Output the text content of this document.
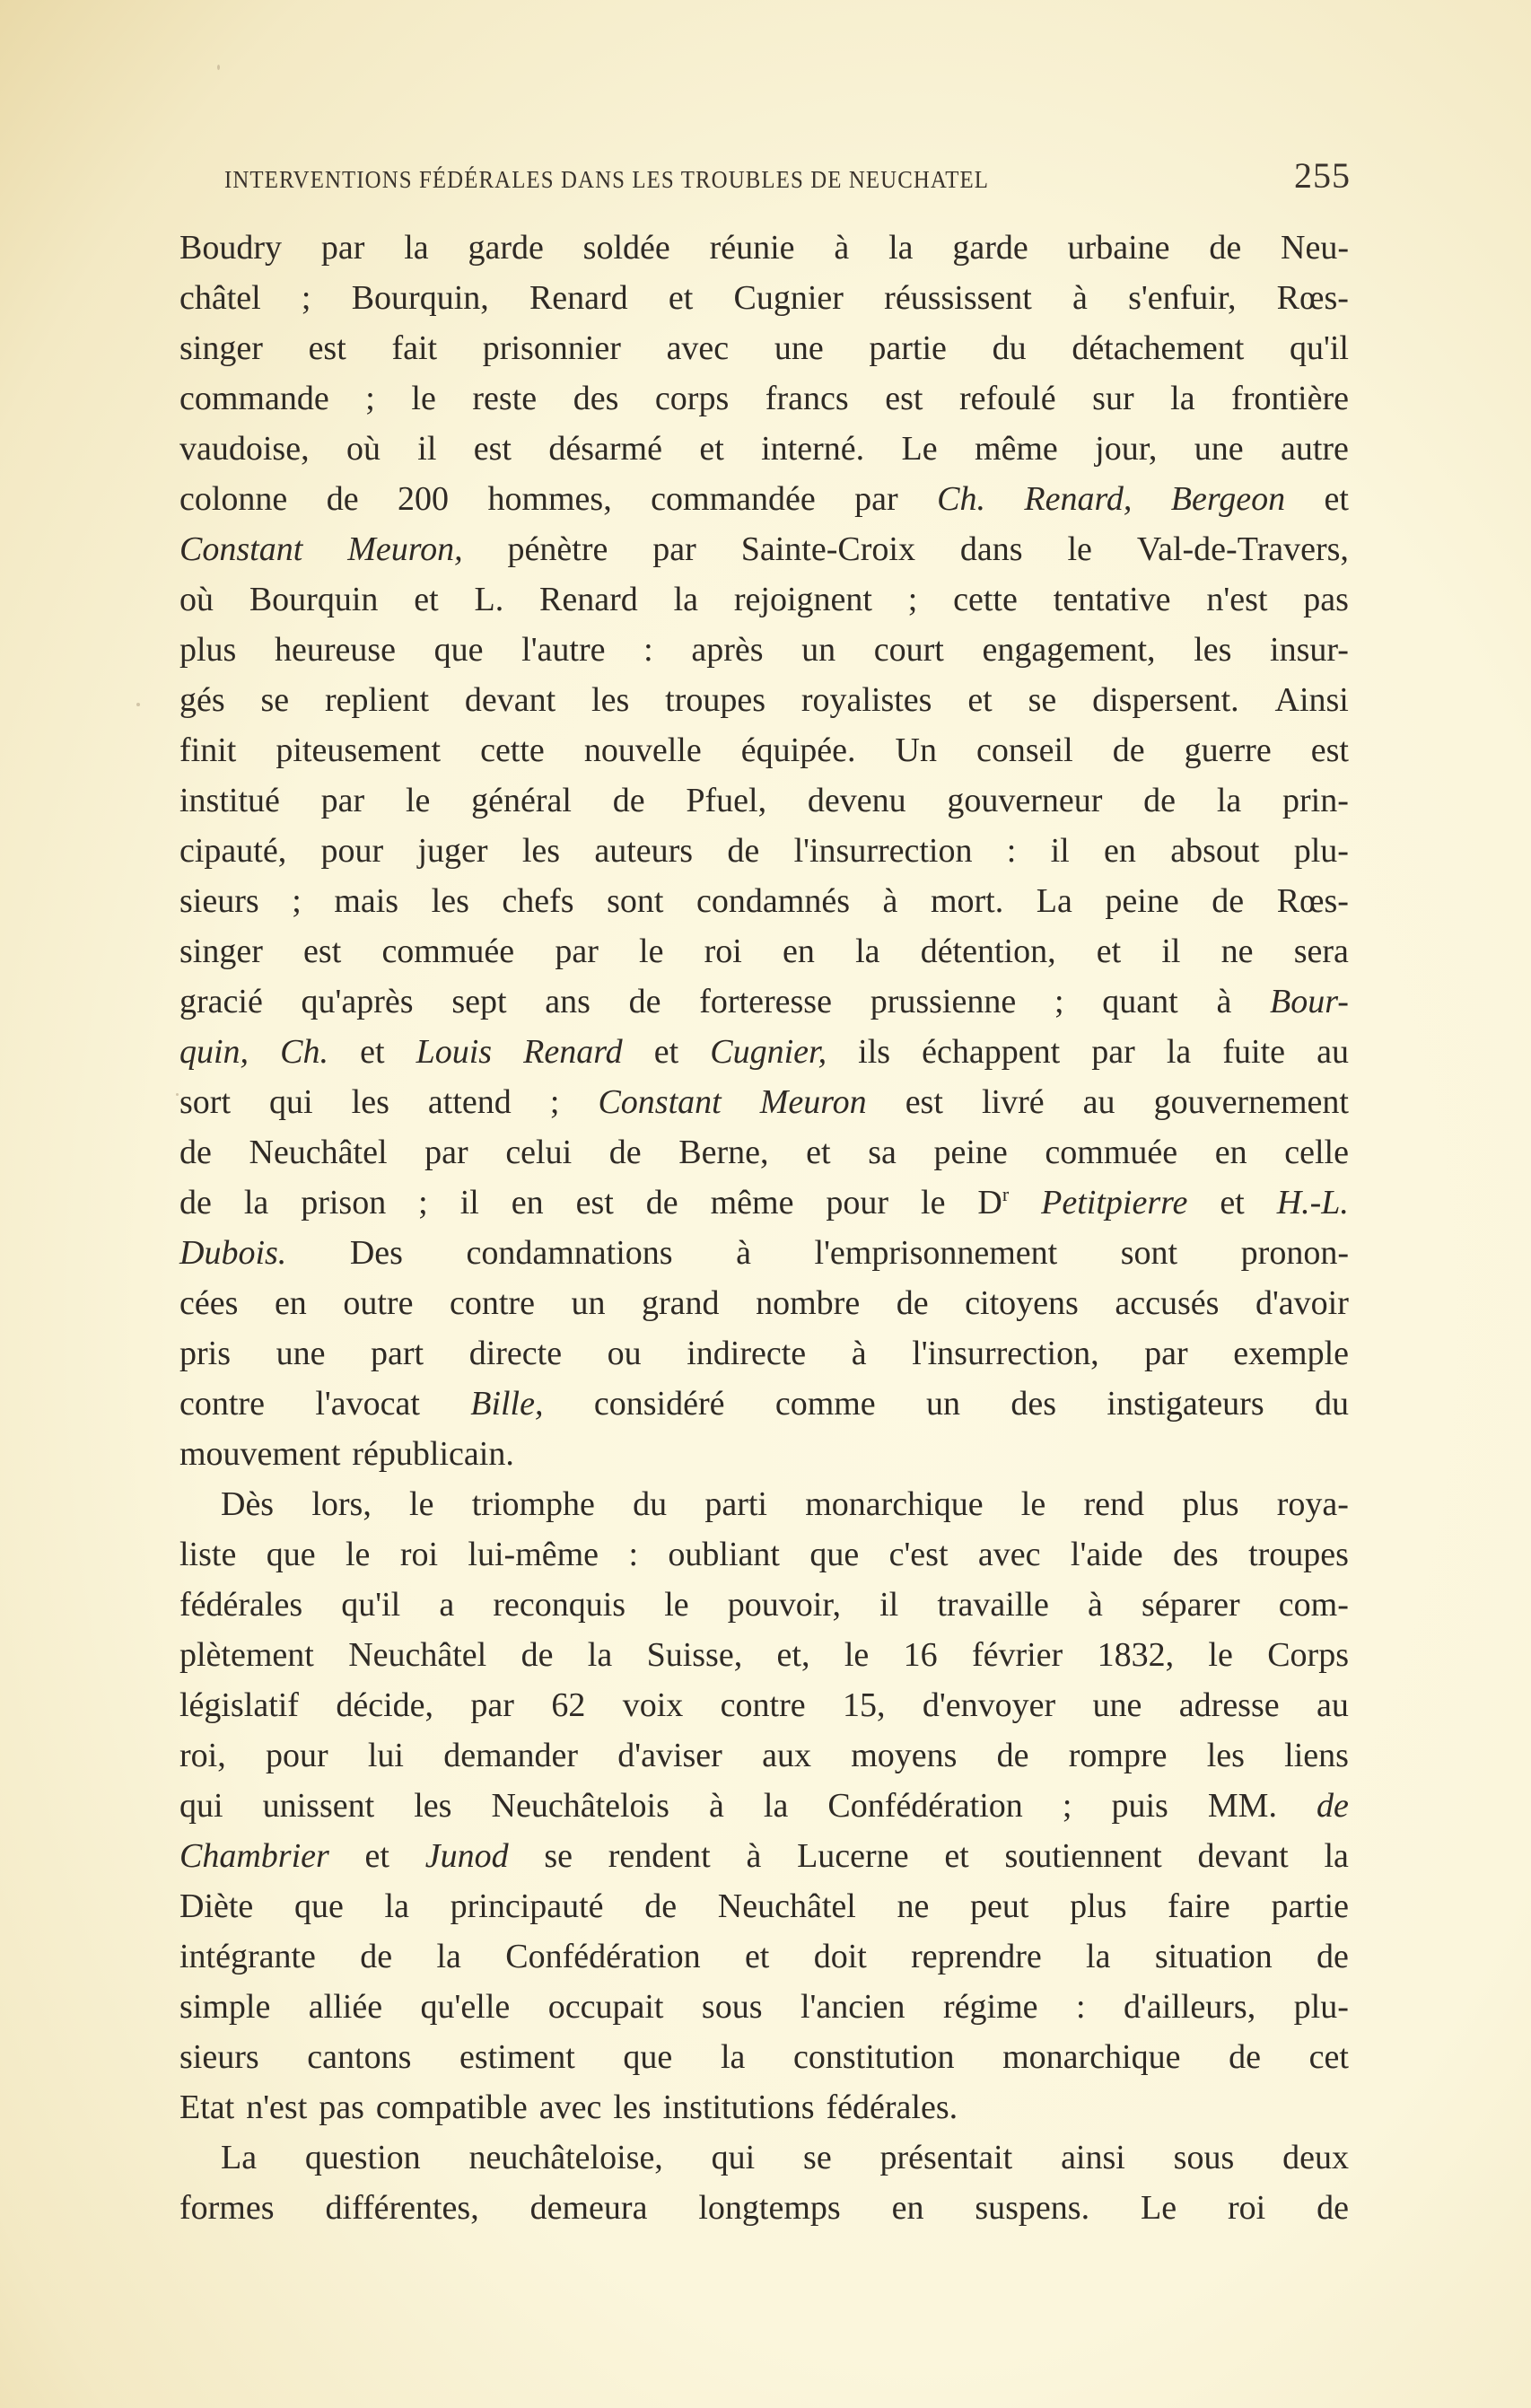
INTERVENTIONS FÉDÉRALES DANS LES TROUBLES DE NEUCHATEL	255
Boudry par la garde soldée réunie à la garde urbaine de Neu-
châtel ; Bourquin, Renard et Cugnier réussissent à s'enfuir, Rœs-
singer est fait prisonnier avec une partie du détachement qu'il
commande ; le reste des corps francs est refoulé sur la frontière
vaudoise, où il est désarmé et interné. Le même jour, une autre
colonne de 200 hommes, commandée par Ch. Renard, Bergeon et
Constant Meuron, pénètre par Sainte-Croix dans le Val-de-Travers,
où Bourquin et L. Renard la rejoignent ; cette tentative n'est pas
plus heureuse que l'autre : après un court engagement, les insur-
gés se replient devant les troupes royalistes et se dispersent. Ainsi
finit piteusement cette nouvelle équipée. Un conseil de guerre est
institué par le général de Pfuel, devenu gouverneur de la prin-
cipauté, pour juger les auteurs de l'insurrection : il en absout plu-
sieurs ; mais les chefs sont condamnés à mort. La peine de Rœs-
singer est commuée par le roi en la détention, et il ne sera
gracié qu'après sept ans de forteresse prussienne ; quant à Bour-
quin, Ch. et Louis Renard et Cugnier, ils échappent par la fuite au
sort qui les attend ; Constant Meuron est livré au gouvernement
de Neuchâtel par celui de Berne, et sa peine commuée en celle
de la prison ; il en est de même pour le $D^r$ Petitpierre et H.-L.
Dubois. Des condamnations à l'emprisonnement sont pronon-
cées en outre contre un grand nombre de citoyens accusés d'avoir
pris une part directe ou indirecte à l'insurrection, par exemple
contre l'avocat Bille, considéré comme un des instigateurs du
mouvement républicain.
Dès lors, le triomphe du parti monarchique le rend plus roya-
liste que le roi lui-même : oubliant que c'est avec l'aide des troupes
fédérales qu'il a reconquis le pouvoir, il travaille à séparer com-
plètement Neuchâtel de la Suisse, et, le 16 février 1832, le Corps
législatif décide, par 62 voix contre 15, d'envoyer une adresse au
roi, pour lui demander d'aviser aux moyens de rompre les liens
qui unissent les Neuchâtelois à la Confédération ; puis MM. de
Chambrier et Junod se rendent à Lucerne et soutiennent devant la
Diète que la principauté de Neuchâtel ne peut plus faire partie
intégrante de la Confédération et doit reprendre la situation de
simple alliée qu'elle occupait sous l'ancien régime : d'ailleurs, plu-
sieurs cantons estiment que la constitution monarchique de cet
Etat n'est pas compatible avec les institutions fédérales.
La question neuchâteloise, qui se présentait ainsi sous deux
formes différentes, demeura longtemps en suspens. Le roi de
